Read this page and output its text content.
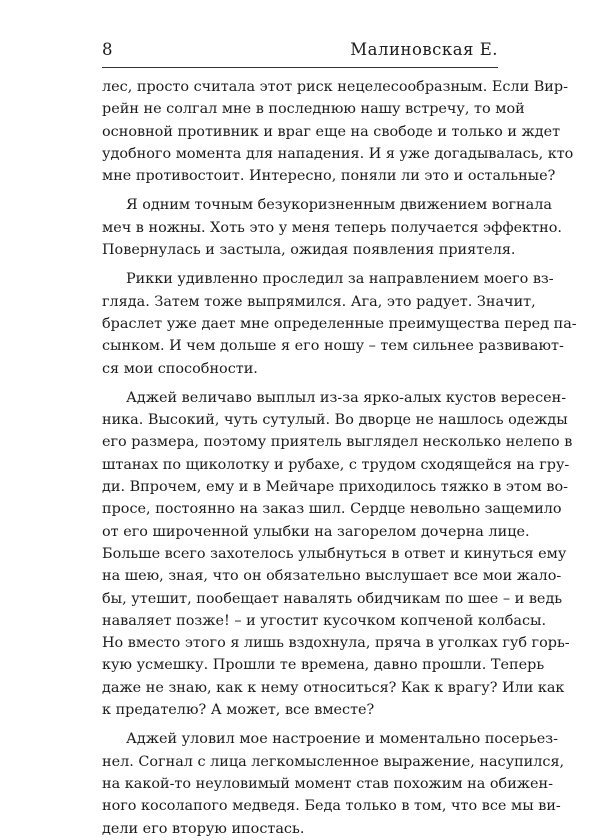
8	Малиновская Е.
лес, просто считала этот риск нецелесообразным. Если Вир-
рейн не солгал мне в последнюю нашу встречу, то мой
основной противник и враг еще на свободе и только и ждет
удобного момента для нападения. И я уже догадывалась, кто
мне противостоит. Интересно, поняли ли это и остальные?
Я одним точным безукоризненным движением вогнала
меч в ножны. Хоть это у меня теперь получается эффектно.
Повернулась и застыла, ожидая появления приятеля.
Рикки удивленно проследил за направлением моего вз-
гляда. Затем тоже выпрямился. Ага, это радует. Значит,
браслет уже дает мне определенные преимущества перед па-
сынком. И чем дольше я его ношу – тем сильнее развивают-
ся мои способности.
Аджей величаво выплыл из-за ярко-алых кустов вересен-
ника. Высокий, чуть сутулый. Во дворце не нашлось одежды
его размера, поэтому приятель выглядел несколько нелепо в
штанах по щиколотку и рубахе, с трудом сходящейся на гру-
ди. Впрочем, ему и в Мейчаре приходилось тяжко в этом во-
просе, постоянно на заказ шил. Сердце невольно защемило
от его широченной улыбки на загорелом дочерна лице.
Больше всего захотелось улыбнуться в ответ и кинуться ему
на шею, зная, что он обязательно выслушает все мои жало-
бы, утешит, пообещает навалять обидчикам по шее – и ведь
наваляет позже! – и угостит кусочком копченой колбасы.
Но вместо этого я лишь вздохнула, пряча в уголках губ горь-
кую усмешку. Прошли те времена, давно прошли. Теперь
даже не знаю, как к нему относиться? Как к врагу? Или как
к предателю? А может, все вместе?
Аджей уловил мое настроение и моментально посерьез-
нел. Согнал с лица легкомысленное выражение, насупился,
на какой-то неуловимый момент став похожим на обижен-
ного косолапого медведя. Беда только в том, что все мы ви-
дели его вторую ипостась.
